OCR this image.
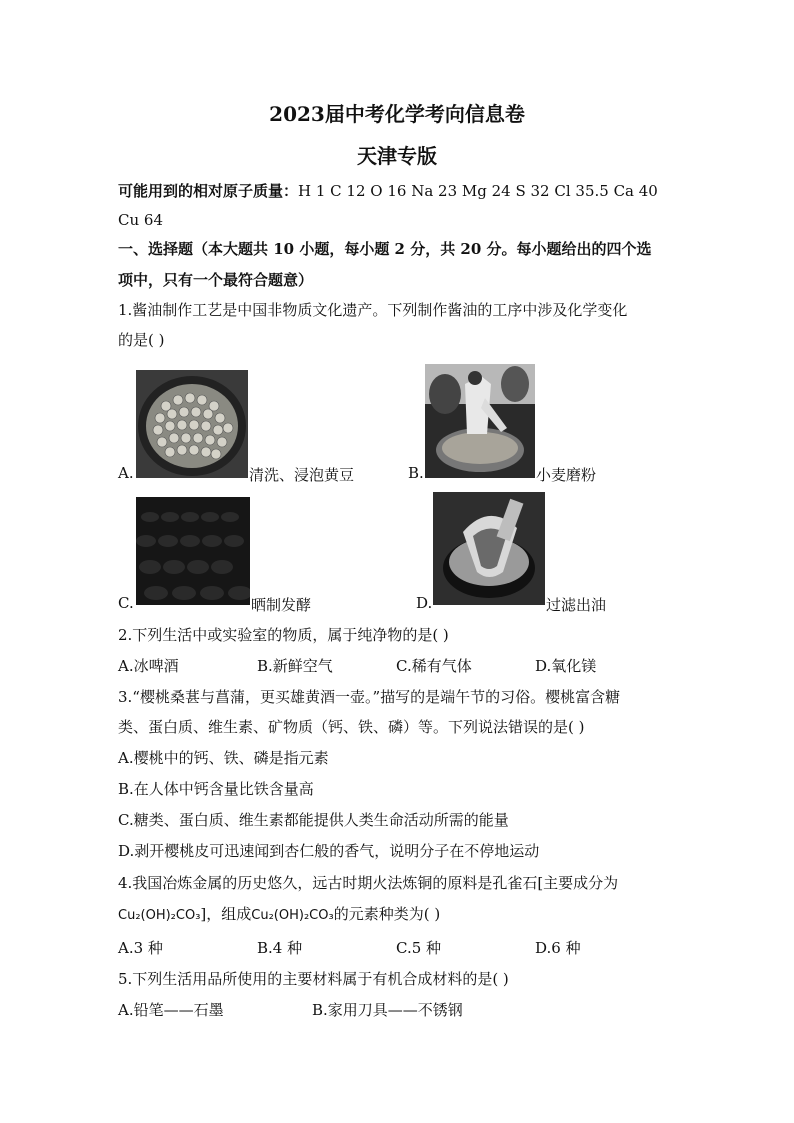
2023届中考化学考向信息卷
天津专版
可能用到的相对原子质量：H 1 C 12 O 16 Na 23 Mg 24 S 32 Cl 35.5 Ca 40
Cu 64
一、选择题（本大题共 10 小题，每小题 2 分，共 20 分。每小题给出的四个选
项中，只有一个最符合题意）
1.酱油制作工艺是中国非物质文化遗产。下列制作酱油的工序中涉及化学变化
的是( )
A.	清洗、浸泡黄豆	B.	小麦磨粉
C.	晒制发酵	D.	过滤出油
2.下列生活中或实验室的物质，属于纯净物的是( )
A.冰啤酒	B.新鲜空气	C.稀有气体	D.氧化镁
3.“樱桃桑葚与菖蒲，更买雄黄酒一壶。”描写的是端午节的习俗。樱桃富含糖
类、蛋白质、维生素、矿物质（钙、铁、磷）等。下列说法错误的是( )
A.樱桃中的钙、铁、磷是指元素
B.在人体中钙含量比铁含量高
C.糖类、蛋白质、维生素都能提供人类生命活动所需的能量
D.剥开樱桃皮可迅速闻到杏仁般的香气，说明分子在不停地运动
4.我国冶炼金属的历史悠久，远古时期火法炼铜的原料是孔雀石[主要成分为
Cu₂(OH)₂CO₃]，组成Cu₂(OH)₂CO₃的元素种类为( )
A.3 种	B.4 种	C.5 种	D.6 种
5.下列生活用品所使用的主要材料属于有机合成材料的是( )
A.铅笔——石墨	B.家用刀具——不锈钢
